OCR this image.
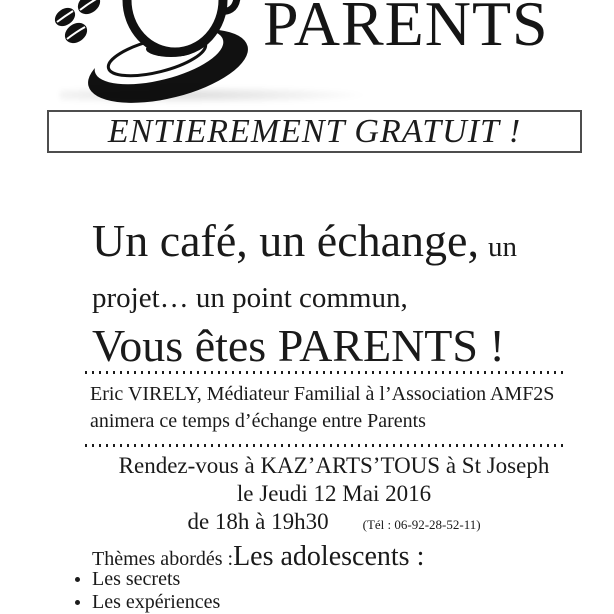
PARENTS
ENTIEREMENT GRATUIT !
Un café, un échange, un
projet… un point commun,
Vous êtes PARENTS !
Eric VIRELY, Médiateur Familial à l’Association AMF2S
animera ce temps d’échange entre Parents
Rendez-vous à KAZ’ARTS’TOUS à St Joseph
le Jeudi 12 Mai 2016
de 18h à 19h30	(Tél : 06-92-28-52-11)
Thèmes abordés :Les adolescents :
Les secrets
Les expériences
